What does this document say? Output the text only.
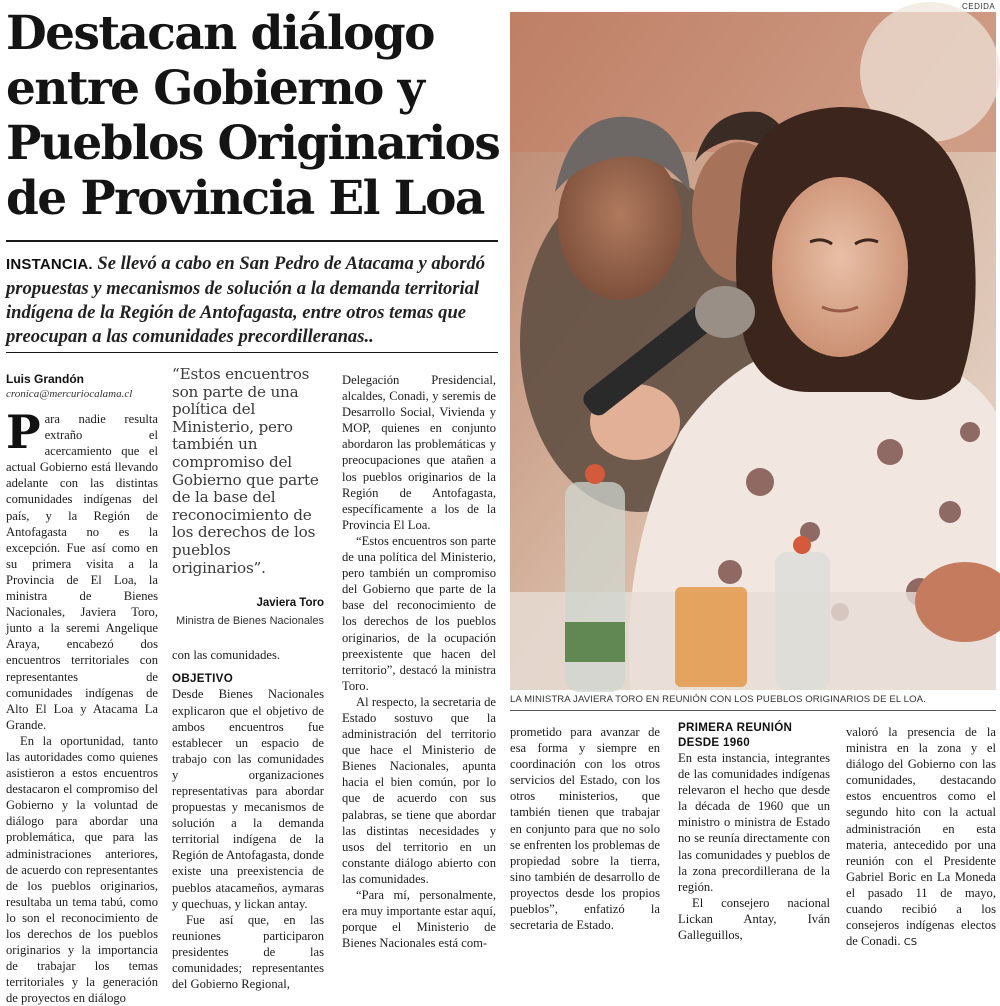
CEDIDA
Destacan diálogo
entre Gobierno y
Pueblos Originarios
de Provincia El Loa
INSTANCIA. Se llevó a cabo en San Pedro de Atacama y abordó propuestas y mecanismos de solución a la demanda territorial indígena de la Región de Antofagasta, entre otros temas que preocupan a las comunidades precordilleranas..
Luis Grandón
cronica@mercuriocalama.cl

Para nadie resulta extraño el acercamiento que el actual Gobierno está llevando adelante con las distintas comunidades indígenas del país, y la Región de Antofagasta no es la excepción. Fue así como en su primera visita a la Provincia de El Loa, la ministra de Bienes Nacionales, Javiera Toro, junto a la seremi Angelique Araya, encabezó dos encuentros territoriales con representantes de comunidades indígenas de Alto El Loa y Atacama La Grande.

En la oportunidad, tanto las autoridades como quienes asistieron a estos encuentros destacaron el compromiso del Gobierno y la voluntad de diálogo para abordar una problemática, que para las administraciones anteriores, de acuerdo con representantes de los pueblos originarios, resultaba un tema tabú, como lo son el reconocimiento de los derechos de los pueblos originarios y la importancia de trabajar los temas territoriales y la generación de proyectos en diálogo

“Estos encuentros son parte de una política del Ministerio, pero también un compromiso del Gobierno que parte de la base del reconocimiento de los derechos de los pueblos originarios”.
Javiera Toro
Ministra de Bienes Nacionales

con las comunidades.

OBJETIVO

Desde Bienes Nacionales explicaron que el objetivo de ambos encuentros fue establecer un espacio de trabajo con las comunidades y organizaciones representativas para abordar propuestas y mecanismos de solución a la demanda territorial indígena de la Región de Antofagasta, donde existe una preexistencia de pueblos atacameños, aymaras y quechuas, y lickan antay.

Fue así que, en las reuniones participaron presidentes de las comunidades; representantes del Gobierno Regional,

Delegación Presidencial, alcaldes, Conadi, y seremis de Desarrollo Social, Vivienda y MOP, quienes en conjunto abordaron las problemáticas y preocupaciones que atañen a los pueblos originarios de la Región de Antofagasta, específicamente a los de la Provincia El Loa.

“Estos encuentros son parte de una política del Ministerio, pero también un compromiso del Gobierno que parte de la base del reconocimiento de los derechos de los pueblos originarios, de la ocupación preexistente que hacen del territorio”, destacó la ministra Toro.

Al respecto, la secretaria de Estado sostuvo que la administración del territorio que hace el Ministerio de Bienes Nacionales, apunta hacia el bien común, por lo que de acuerdo con sus palabras, se tiene que abordar las distintas necesidades y usos del territorio en un constante diálogo abierto con las comunidades.

“Para mí, personalmente, era muy importante estar aquí, porque el Ministerio de Bienes Nacionales está com-

LA MINISTRA JAVIERA TORO EN REUNIÓN CON LOS PUEBLOS ORIGINARIOS DE EL LOA.

prometido para avanzar de esa forma y siempre en coordinación con los otros servicios del Estado, con los otros ministerios, que también tienen que trabajar en conjunto para que no solo se enfrenten los problemas de propiedad sobre la tierra, sino también de desarrollo de proyectos desde los propios pueblos”, enfatizó la secretaria de Estado.

PRIMERA REUNIÓN DESDE 1960

En esta instancia, integrantes de las comunidades indígenas relevaron el hecho que desde la década de 1960 que un ministro o ministra de Estado no se reunía directamente con las comunidades y pueblos de la zona precordillerana de la región.

El consejero nacional Lickan Antay, Iván Galleguillos,

valoró la presencia de la ministra en la zona y el diálogo del Gobierno con las comunidades, destacando estos encuentros como el segundo hito con la actual administración en esta materia, antecedido por una reunión con el Presidente Gabriel Boric en La Moneda el pasado 11 de mayo, cuando recibió a los consejeros indígenas electos de Conadi. CS
